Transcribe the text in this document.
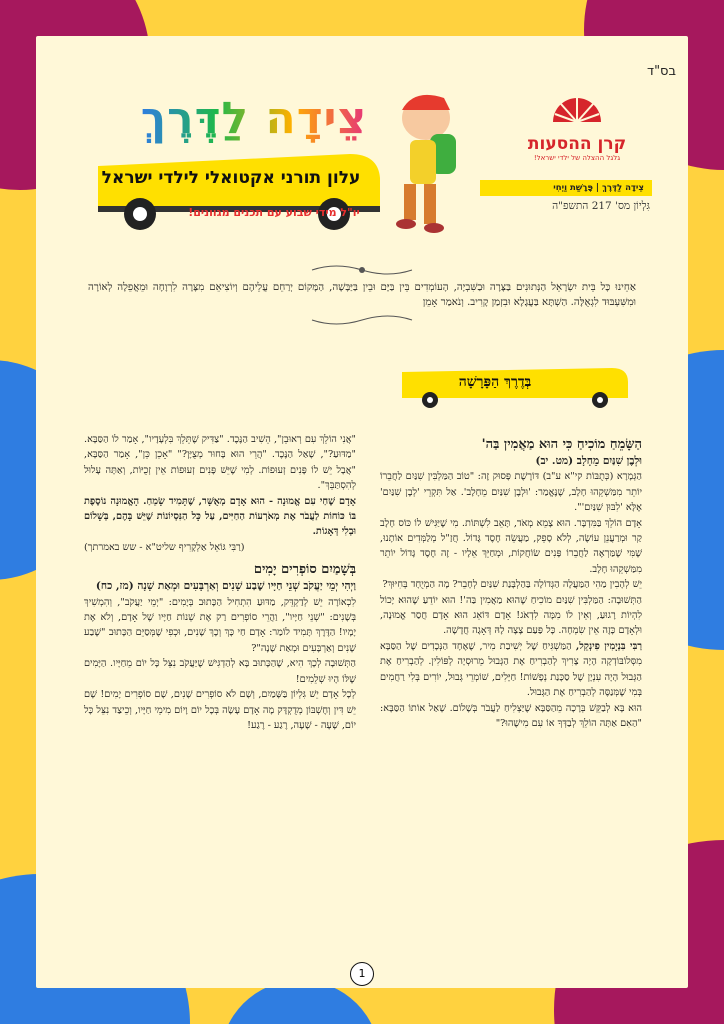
בס"ד
צֵידָה לַדֶּרֶךְ
עלון תורני אקטואלי לילדי ישראל
יו"ל מידי שבוע עם תכנים מגוונים!
קרן ההסעות
גלגל ההצלה של ילדי ישראל!
צֵידָה לַדֶּרֶךְ | פָּרָשַׁת וַיְחִי
גִּלְיוֹן מס' 217 התשפ"ה
אַחֵינוּ כָּל בֵּית יִשְׂרָאֵל הַנְּתוּנִים בַּצָּרָה וּבַשִּׁבְיָה, הָעוֹמְדִים בֵּין בַּיָּם וּבֵין בַּיַּבָּשָׁה, הַמָּקוֹם יְרַחֵם עֲלֵיהֶם וְיוֹצִיאֵם מִצָּרָה לִרְוָחָה וּמֵאֲפֵלָה לְאוֹרָה וּמִשִּׁעְבּוּד לִגְאֻלָּה. הַשְׁתָּא בַּעֲגָלָא וּבִזְמַן קָרִיב. וְנֹאמַר אָמֵן
בְּדֶרֶךְ הַפָּרָשָׁה

הַשָּׂמֵחַ מוֹכִיחַ כִּי הוּא מַאֲמִין בַּה'

וּלְבֶן שִׁנַּיִם מֵחָלָב (מט. יב)

הַגְּמָרָא (כְּתֻבּוֹת קי"א ע"ב) דּוֹרֶשֶׁת פָּסוּק זֶה: "טוֹב הַמַּלְבִּין שִׁנַּיִם לַחֲבֵרוֹ יוֹתֵר מִמַּשְׁקֵהוּ חָלָב, שֶׁנֶּאֱמַר: 'וּלְבֶן שִׁנַּיִם מֵחָלָב'. אַל תִּקְרֵי 'לְבֶן שִׁנַּיִם' אֶלָּא 'לִבּוּן שִׁנַּיִם'".

אָדָם הוֹלֵךְ בַּמִּדְבָּר. הוּא צָמֵא מְאֹד, תָּאֵב לִשְׁתּוֹת. מִי שֶׁיַּגִּישׁ לוֹ כּוֹס חָלָב קַר וּמְרַעֲנֵן עוֹשֶׂה, לְלֹא סָפֵק, מַעֲשֵׂה חֶסֶד גָּדוֹל. חֲזַ"ל מְלַמְּדִים אוֹתָנוּ, שֶׁמִּי שֶׁמַּרְאֶה לַחֲבֵרוֹ פָּנִים שׂוֹחֲקוֹת, וּמְחַיֵּךְ אֵלָיו - זֶה חֶסֶד גָּדוֹל יוֹתֵר מִמַּשְׁקֵהוּ חָלָב.

יֵשׁ לְהָבִין מַהִי הַמַּעֲלָה הַגְּדוֹלָה בַּהַלְבָּנַת שִׁנַּיִם לְחָבֵר? מָה הַמְיֻחָד בְּחִיּוּךְ?

הַתְּשׁוּבָה: הַמַּלְבִּין שִׁנַּיִם מוֹכִיחַ שֶׁהוּא מַאֲמִין בַּה'! הוּא יוֹדֵעַ שֶׁהוּא יָכוֹל לִהְיוֹת רָגוּעַ, וְאֵין לוֹ מִמָּה לִדְאֹג! אָדָם דּוֹאֵג הוּא אָדָם חֲסַר אֱמוּנָה, וּלְאָדָם כָּזֶה אֵין שִׂמְחָה. כָּל פַּעַם צָצָה לָהּ דְּאָגָה חֲדָשָׁה.

רַבִּי בִּנְיָמִין פִינְקֵל, הַמַּשְׁגִּיחַ שֶׁל יְשִׁיבַת מִיר, שֶׁאֶחָד הַנְּכָדִים שֶׁל הַסַּבָּא מִסְּלוֹבּוֹדְקָה הָיָה צָרִיךְ לְהַבְרִיחַ אֶת הַגְּבוּל מֵרוּסְיָה לְפּוֹלִין. לְהַבְרִיחַ אֶת הַגְּבוּל הָיָה עִנְיָן שֶׁל סַכָּנַת נְפָשׁוֹת! חַיָּלִים, שׁוֹמְרֵי גְּבוּל, יוֹרִים בְּלִי רַחֲמִים בְּמִי שֶׁמְּנַסֶּה לְהַבְרִיחַ אֶת הַגְּבוּל.

הוּא בָּא לְבַקֵּשׁ בְּרָכָה מֵהַסַּבָּא שֶׁיַּצְלִיחַ לַעֲבֹר בְּשָׁלוֹם. שָׁאַל אוֹתוֹ הַסַּבָּא: "הַאִם אַתָּה הוֹלֵךְ לְבַדְּךָ אוֹ עִם מִישֶׁהוּ?"

"אֲנִי הוֹלֵךְ עִם רְאוּבֵן", הֵשִׁיב הַנֶּכֶד. "צַדִּיק שֶׁתֵּלֵךְ בִּלְעָדָיו", אָמַר לוֹ הַסַּבָּא. "מַדּוּעַ?", שָׁאַל הַנֶּכֶד. "הֲרֵי הוּא בָּחוּר מְצֻיָּן?" "אָכֵן כֵּן", אָמַר הַסַּבָּא, "אֲבָל יֵשׁ לוֹ פָּנִים זְעוּפוֹת. לְמִי שֶׁיֵּשׁ פָּנִים זְעוּפוֹת אֵין זְכֻיּוֹת, וְאַתָּה עָלוּל לְהִסְתַּבֵּךְ".

אָדָם שֶׁחַי עִם אֱמוּנָה - הוּא אָדָם מְאֻשָּׁר, שֶׁתָּמִיד שָׂמֵחַ. הָאֱמוּנָה נוֹסֶפֶת בּוֹ כּוֹחוֹת לַעֲבֹר אֶת מְאֹרְעוֹת הַחַיִּים, עַל כָּל הַנִּסְיוֹנוֹת שֶׁיֵּשׁ בָּהֶם, בְּשָׁלוֹם וּבְלִי דְּאָגוֹת.

(רַבִּי גּוֹאֵל אַלְקָרִיף שליט"א - שש באמרתך)

בְּשָׁמַיִם סוֹפְרִים יָמִים

וַיְהִי יְמֵי יַעֲקֹב שְׁנֵי חַיָּיו שֶׁבַע שָׁנִים וְאַרְבָּעִים וּמְאַת שָׁנָה (מז, כח)

לִכְאוֹרָה יֵשׁ לְדַקְדֵּק, מַדּוּעַ הִתְחִיל הַכָּתוּב בְּיָמִים: "יְמֵי יַעֲקֹב", וְהִמְשִׁיךְ בְּשָׁנִים: "שְׁנֵי חַיָּיו", וַהֲרֵי סוֹפְרִים רַק אֶת שְׁנוֹת חַיָּיו שֶׁל אָדָם, וְלֹא אֶת יָמָיו! הַדֶּרֶךְ תָּמִיד לוֹמַר: אָדָם חַי כָּךְ וְכָךְ שָׁנִים, וּכְפִי שֶׁמְּסַיֵּם הַכָּתוּב "שֶׁבַע שָׁנִים וְאַרְבָּעִים וּמְאַת שָׁנָה"?

הַתְּשׁוּבָה לְכָךְ הִיא, שֶׁהַכָּתוּב בָּא לְהַדְגִּישׁ שֶׁיַּעֲקֹב נִצֵּל כָּל יוֹם מֵחַיָּיו. הַיָּמִים שֶׁלּוֹ הָיוּ שְׁלֵמִים!

לְכָל אָדָם יֵשׁ גִּלְיוֹן בַּשָּׁמַיִם, וְשָׁם לֹא סוֹפְרִים שָׁנִים, שָׁם סוֹפְרִים יָמִים! שָׁם יֵשׁ דִּין וְחֶשְׁבּוֹן מְדֻקְדָּק מָה אָדָם עָשָׂה בְּכָל יוֹם וָיוֹם מִימֵי חַיָּיו, וְכֵיצַד נִצֵּל כָּל יוֹם, שָׁעָה - שָׁעָה, רֶגַע - רֶגַע!

1
